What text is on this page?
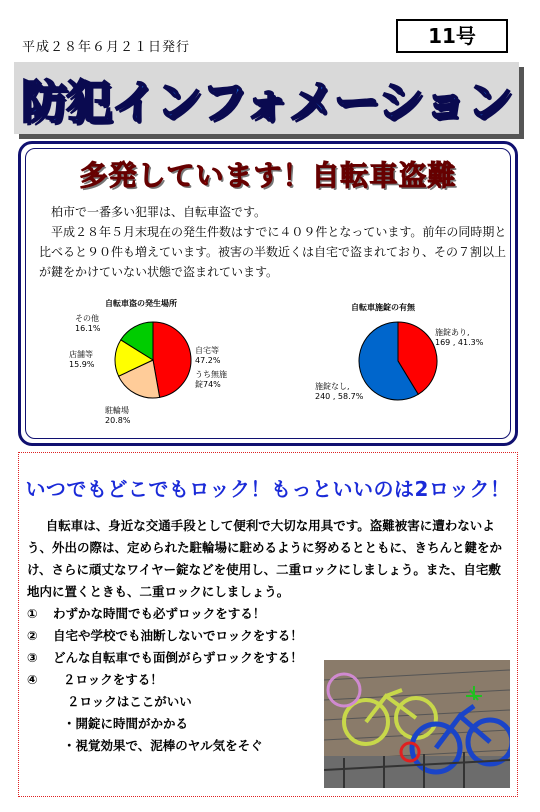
平成２８年６月２１日発行	11号
防犯インフォメーション
多発しています！自転車盗難

柏市で一番多い犯罪は、自転車盗です。

平成２８年５月末現在の発生件数はすでに４０９件となっています。前年の同時期と比べると９０件も増えています。被害の半数近くは自宅で盗まれており、その７割以上が鍵をかけていない状態で盗まれています。

自転車盗の発生場所
その他
16.1%
店舗等
15.9%
駐輪場
20.8%
自宅等
47.2%
うち無施
錠74%
自転車施錠の有無
施錠あり,
169 , 41.3%
施錠なし,
240 , 58.7%
いつでもどこでもロック！もっといいのは2ロック！

自転車は、身近な交通手段として便利で大切な用具です。盗難被害に遭わないよう、外出の際は、定められた駐輪場に駐めるように努めるとともに、きちんと鍵をかけ、さらに頑丈なワイヤー錠などを使用し、二重ロックにしましょう。また、自宅敷地内に置くときも、二重ロックにしましょう。

① わずかな時間でも必ずロックをする！
② 自宅や学校でも油断しないでロックをする！
③ どんな自転車でも面倒がらずロックをする！
④ ２ロックをする！
２ロックはここがいい
・開錠に時間がかかる
・視覚効果で、泥棒のヤル気をそぐ
